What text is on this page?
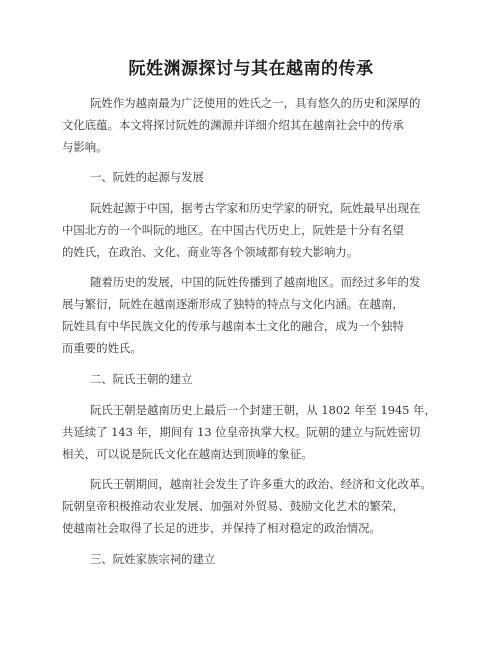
阮姓渊源探讨与其在越南的传承
阮姓作为越南最为广泛使用的姓氏之一，具有悠久的历史和深厚的
文化底蕴。本文将探讨阮姓的渊源并详细介绍其在越南社会中的传承
与影响。
一、阮姓的起源与发展
阮姓起源于中国，据考古学家和历史学家的研究，阮姓最早出现在
中国北方的一个叫阮的地区。在中国古代历史上，阮姓是十分有名望
的姓氏，在政治、文化、商业等各个领域都有较大影响力。
随着历史的发展，中国的阮姓传播到了越南地区。而经过多年的发
展与繁衍，阮姓在越南逐渐形成了独特的特点与文化内涵。在越南，
阮姓具有中华民族文化的传承与越南本土文化的融合，成为一个独特
而重要的姓氏。
二、阮氏王朝的建立
阮氏王朝是越南历史上最后一个封建王朝，从 1802 年至 1945 年，
共延续了 143 年，期间有 13 位皇帝执掌大权。阮朝的建立与阮姓密切
相关，可以说是阮氏文化在越南达到顶峰的象征。
阮氏王朝期间，越南社会发生了许多重大的政治、经济和文化改革。
阮朝皇帝积极推动农业发展、加强对外贸易、鼓励文化艺术的繁荣，
使越南社会取得了长足的进步，并保持了相对稳定的政治情况。
三、阮姓家族宗祠的建立
